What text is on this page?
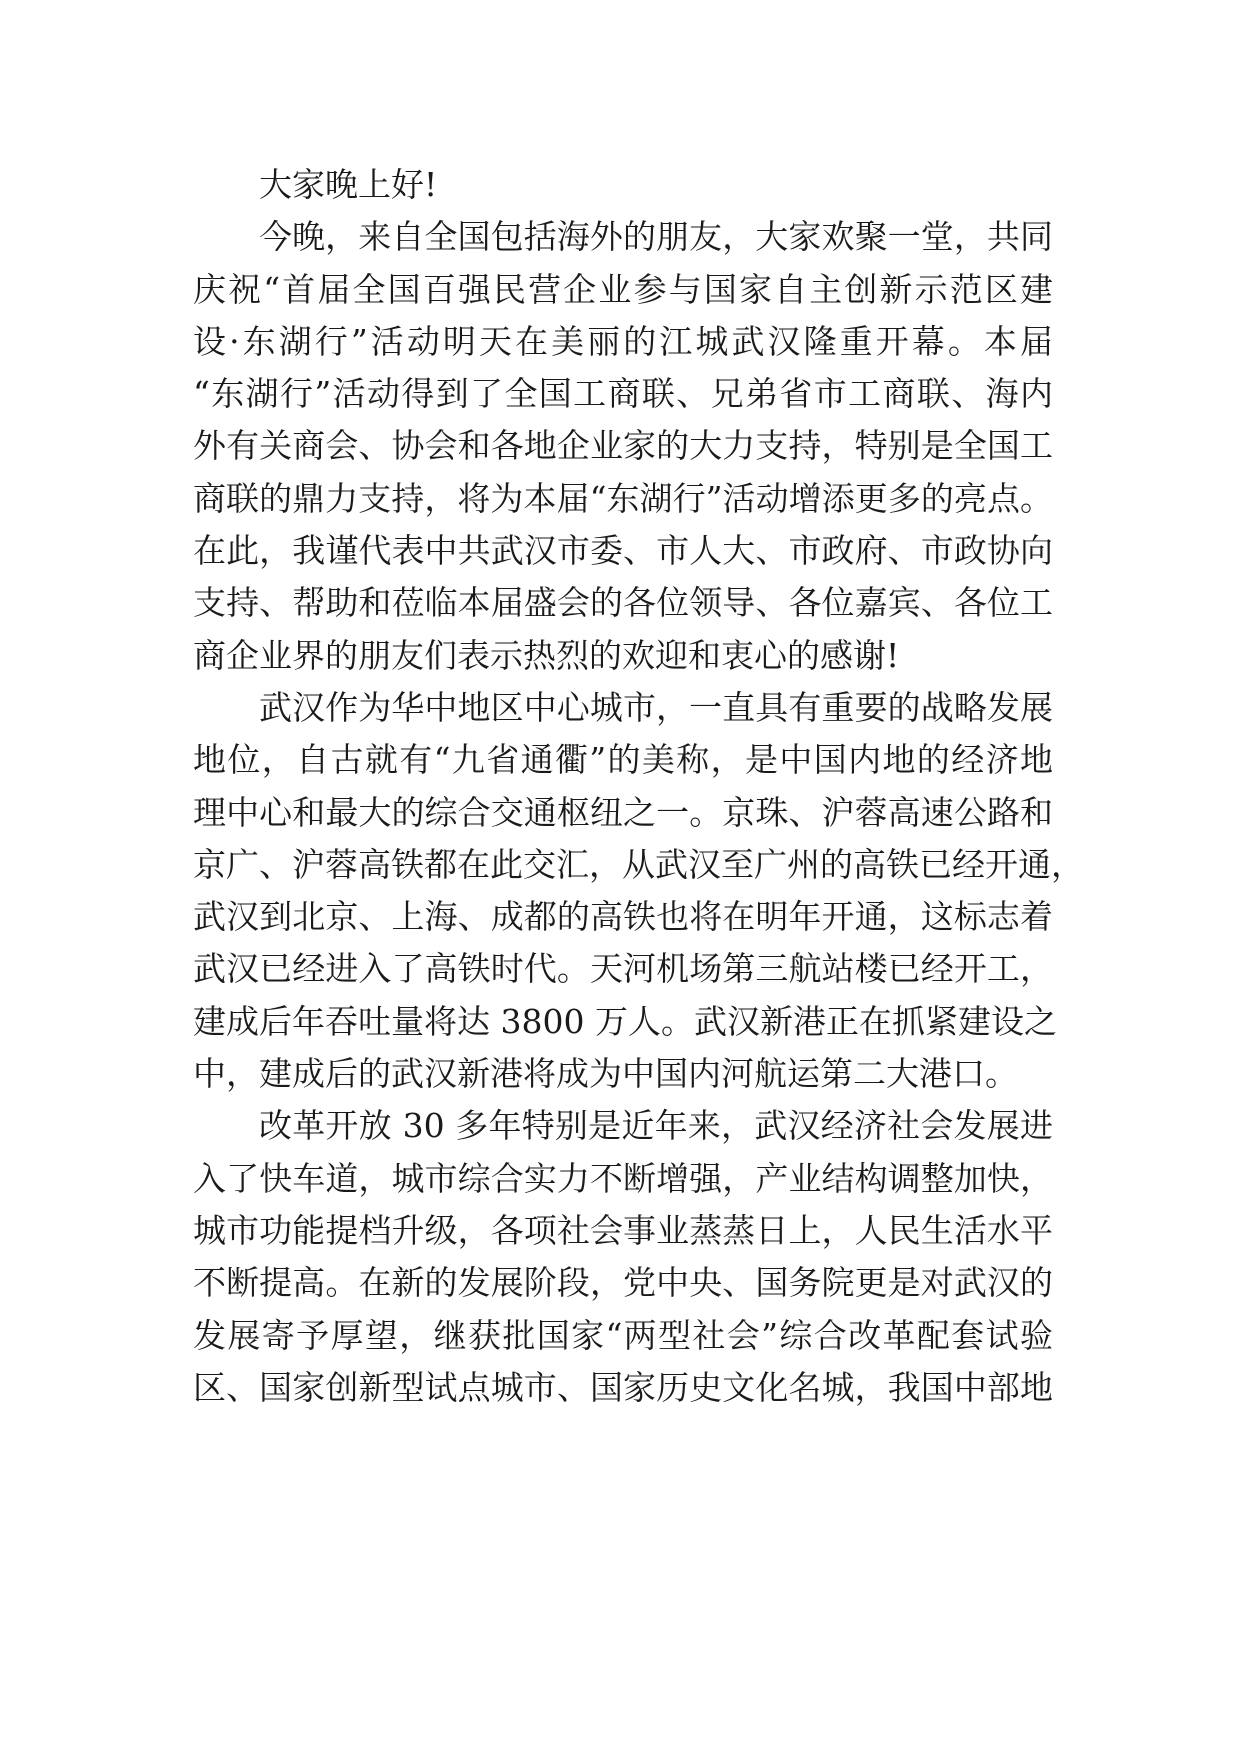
大家晚上好!
今晚，来自全国包括海外的朋友，大家欢聚一堂，共同
庆祝“首届全国百强民营企业参与国家自主创新示范区建
设·东湖行”活动明天在美丽的江城武汉隆重开幕。本届
“东湖行”活动得到了全国工商联、兄弟省市工商联、海内
外有关商会、协会和各地企业家的大力支持，特别是全国工
商联的鼎力支持，将为本届“东湖行”活动增添更多的亮点。
在此，我谨代表中共武汉市委、市人大、市政府、市政协向
支持、帮助和莅临本届盛会的各位领导、各位嘉宾、各位工
商企业界的朋友们表示热烈的欢迎和衷心的感谢!
武汉作为华中地区中心城市，一直具有重要的战略发展
地位，自古就有“九省通衢”的美称，是中国内地的经济地
理中心和最大的综合交通枢纽之一。京珠、沪蓉高速公路和
京广、沪蓉高铁都在此交汇，从武汉至广州的高铁已经开通，
武汉到北京、上海、成都的高铁也将在明年开通，这标志着
武汉已经进入了高铁时代。天河机场第三航站楼已经开工，
建成后年吞吐量将达 3800 万人。武汉新港正在抓紧建设之
中，建成后的武汉新港将成为中国内河航运第二大港口。
改革开放 30 多年特别是近年来，武汉经济社会发展进
入了快车道，城市综合实力不断增强，产业结构调整加快，
城市功能提档升级，各项社会事业蒸蒸日上，人民生活水平
不断提高。在新的发展阶段，党中央、国务院更是对武汉的
发展寄予厚望，继获批国家“两型社会”综合改革配套试验
区、国家创新型试点城市、国家历史文化名城，我国中部地
